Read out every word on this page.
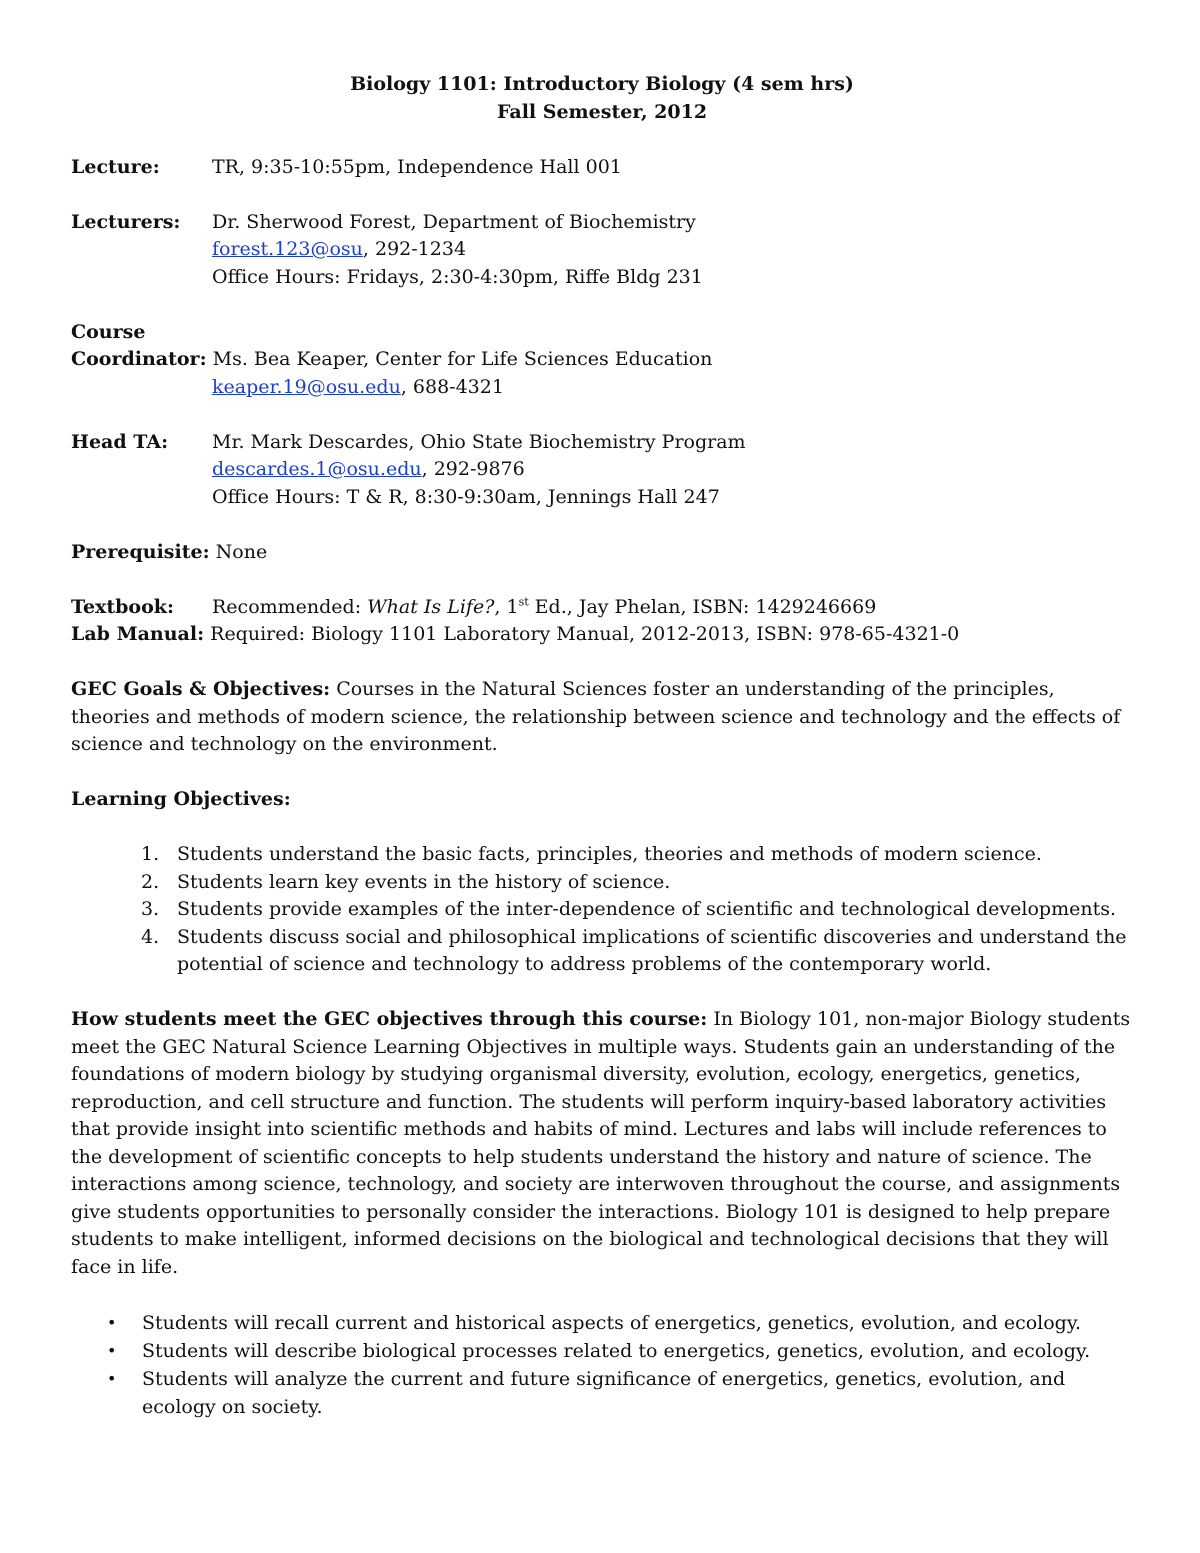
Biology 1101: Introductory Biology (4 sem hrs)

Fall Semester, 2012

Lecture:	TR, 9:35-10:55pm, Independence Hall 001
Lecturers: Dr. Sherwood Forest, Department of Biochemistry
forest.123@osu, 292-1234
Office Hours: Fridays, 2:30-4:30pm, Riffe Bldg 231
Course
Coordinator: Ms. Bea Keaper, Center for Life Sciences Education
keaper.19@osu.edu, 688-4321
Head TA: Mr. Mark Descardes, Ohio State Biochemistry Program
descardes.1@osu.edu, 292-9876
Office Hours: T & R, 8:30-9:30am, Jennings Hall 247
Prerequisite: None
Textbook: Recommended: What Is Life?, 1st Ed., Jay Phelan, ISBN: 1429246669
Lab Manual: Required: Biology 1101 Laboratory Manual, 2012-2013, ISBN: 978-65-4321-0

GEC Goals & Objectives: Courses in the Natural Sciences foster an understanding of the principles, theories and methods of modern science, the relationship between science and technology and the effects of science and technology on the environment.

Learning Objectives:
1. Students understand the basic facts, principles, theories and methods of modern science.
2. Students learn key events in the history of science.
3. Students provide examples of the inter-dependence of scientific and technological developments.
4. Students discuss social and philosophical implications of scientific discoveries and understand the potential of science and technology to address problems of the contemporary world.

How students meet the GEC objectives through this course: In Biology 101, non-major Biology students meet the GEC Natural Science Learning Objectives in multiple ways. Students gain an understanding of the foundations of modern biology by studying organismal diversity, evolution, ecology, energetics, genetics, reproduction, and cell structure and function. The students will perform inquiry-based laboratory activities that provide insight into scientific methods and habits of mind. Lectures and labs will include references to the development of scientific concepts to help students understand the history and nature of science. The interactions among science, technology, and society are interwoven throughout the course, and assignments give students opportunities to personally consider the interactions. Biology 101 is designed to help prepare students to make intelligent, informed decisions on the biological and technological decisions that they will face in life.

• Students will recall current and historical aspects of energetics, genetics, evolution, and ecology.
• Students will describe biological processes related to energetics, genetics, evolution, and ecology.
• Students will analyze the current and future significance of energetics, genetics, evolution, and ecology on society.
